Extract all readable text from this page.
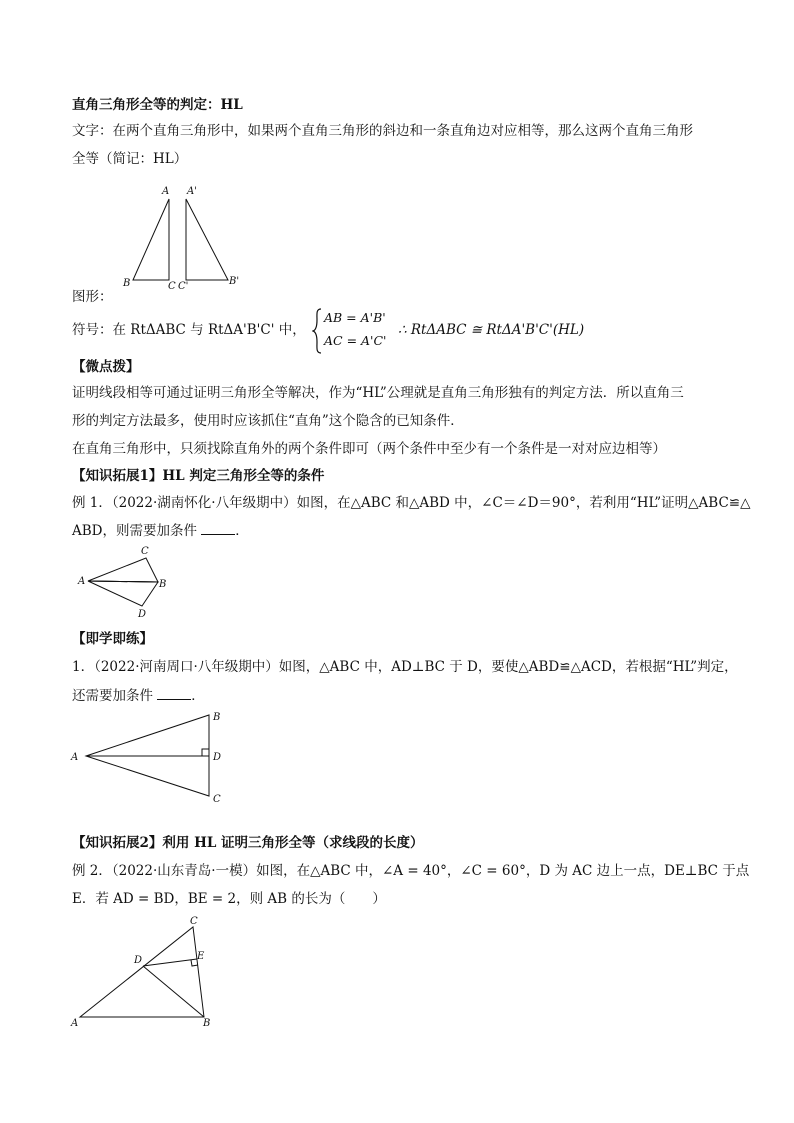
直角三角形全等的判定：HL
文字：在两个直角三角形中，如果两个直角三角形的斜边和一条直角边对应相等，那么这两个直角三角形
全等（简记：HL）
A A'
B	C C'	B'
图形：
符号：在 RtΔABC 与 RtΔA'B'C' 中，
AB = A'B'
AC = A'C'
∴ RtΔABC ≅ RtΔA'B'C'(HL)
【微点拨】
证明线段相等可通过证明三角形全等解决，作为“HL”公理就是直角三角形独有的判定方法．所以直角三
形的判定方法最多，使用时应该抓住“直角”这个隐含的已知条件．
在直角三角形中，只须找除直角外的两个条件即可（两个条件中至少有一个条件是一对对应边相等）
【知识拓展1】HL 判定三角形全等的条件
例 1．（2022·湖南怀化·八年级期中）如图，在△ABC 和△ABD 中，∠C＝∠D＝90°，若利用“HL”证明△ABC≌△
ABD，则需要加条件	．
C
A	B
D
【即学即练】
1．（2022·河南周口·八年级期中）如图，△ABC 中，AD⊥BC 于 D，要使△ABD≌△ACD，若根据“HL”判定，
还需要加条件	．
A
B
D
C
【知识拓展2】利用 HL 证明三角形全等（求线段的长度）
例 2．（2022·山东青岛·一模）如图，在△ABC 中，∠A = 40°，∠C = 60°，D 为 AC 边上一点，DE⊥BC 于点
E．若 AD = BD，BE = 2，则 AB 的长为（　　）
C
D	E
A	B
